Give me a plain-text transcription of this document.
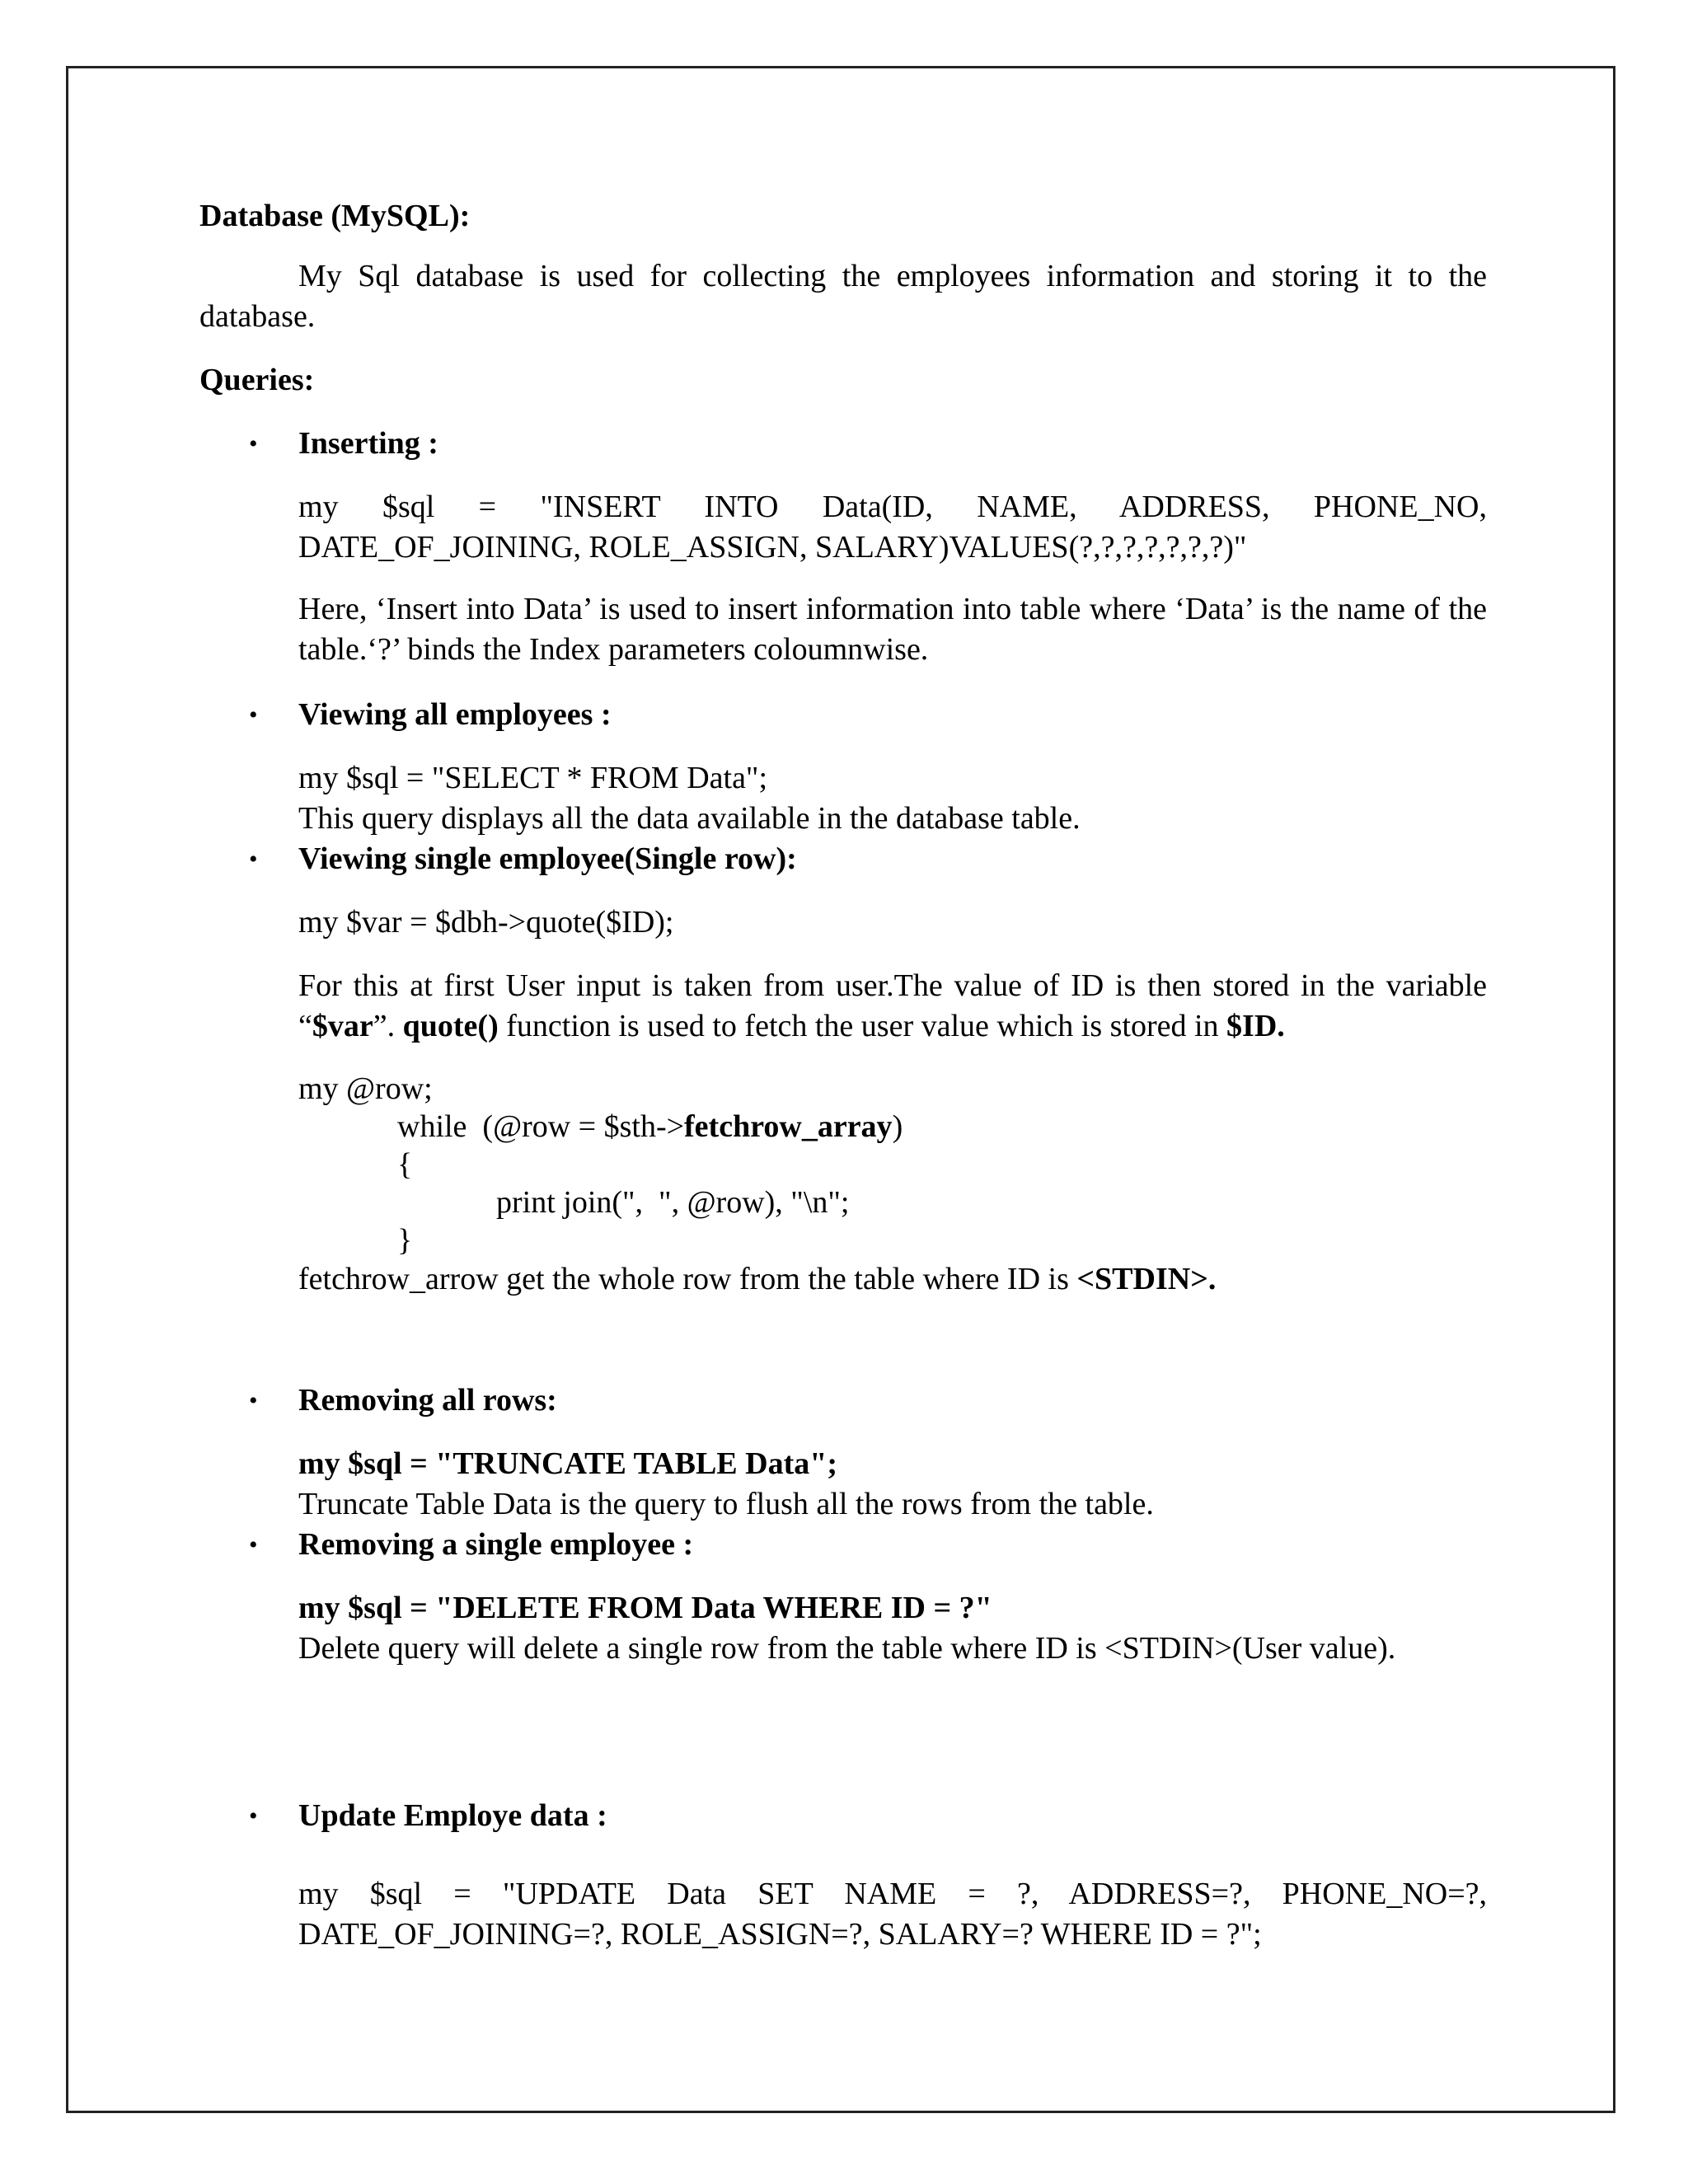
Database (MySQL):

My Sql database is used for collecting the employees information and storing it to the database.

Queries:

• Inserting :

my $sql = "INSERT INTO Data(ID, NAME, ADDRESS, PHONE_NO, DATE_OF_JOINING, ROLE_ASSIGN, SALARY)VALUES(?,?,?,?,?,?,?)"

Here, ‘Insert into Data’ is used to insert information into table where ‘Data’ is the name of the table.‘?’ binds the Index parameters coloumnwise.

• Viewing all employees :

my $sql = "SELECT * FROM Data";

This query displays all the data available in the database table.

• Viewing single employee(Single row):

my $var = $dbh->quote($ID);

For this at first User input is taken from user.The value of ID is then stored in the variable “$var”. quote() function is used to fetch the user value which is stored in $ID.

my @row;

while  (@row = $sth->fetchrow_array)

{

print join(",  ", @row), "\n";

}

fetchrow_arrow get the whole row from the table where ID is <STDIN>.

• Removing all rows:

my $sql = "TRUNCATE TABLE Data";

Truncate Table Data is the query to flush all the rows from the table.

• Removing a single employee :

my $sql = "DELETE FROM Data WHERE ID = ?"

Delete query will delete a single row from the table where ID is <STDIN>(User value).

• Update Employe data :

my $sql = "UPDATE Data SET NAME = ?, ADDRESS=?, PHONE_NO=?, DATE_OF_JOINING=?, ROLE_ASSIGN=?, SALARY=? WHERE ID = ?";
